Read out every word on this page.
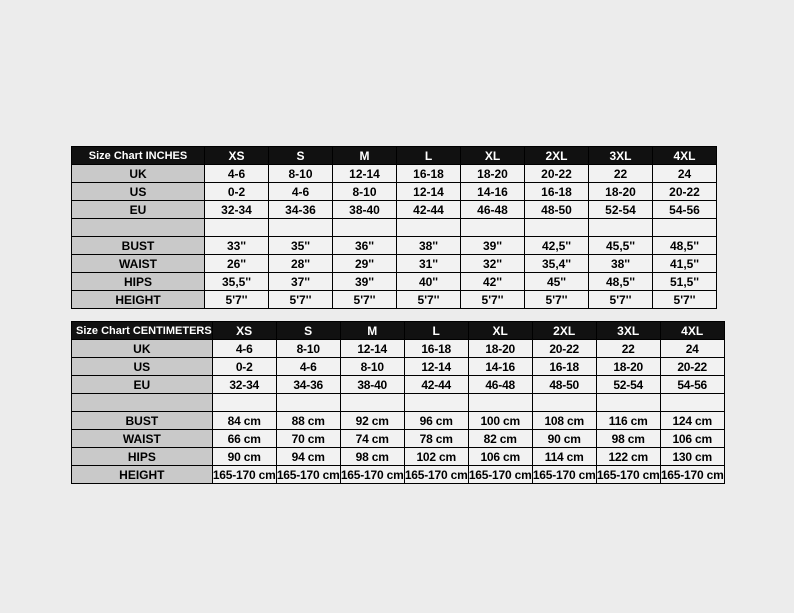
Size Chart INCHES	XS	S	M	L	XL	2XL	3XL	4XL
UK	4-6	8-10	12-14	16-18	18-20	20-22	22	24
US	0-2	4-6	8-10	12-14	14-16	16-18	18-20	20-22
EU	32-34	34-36	38-40	42-44	46-48	48-50	52-54	54-56

BUST	33''	35''	36''	38''	39''	42,5''	45,5''	48,5''
WAIST	26''	28''	29''	31''	32''	35,4''	38''	41,5''
HIPS	35,5''	37''	39''	40''	42''	45''	48,5''	51,5''
HEIGHT	5'7''	5'7''	5'7''	5'7''	5'7''	5'7''	5'7''	5'7''
Size Chart CENTIMETERS	XS	S	M	L	XL	2XL	3XL	4XL
UK	4-6	8-10	12-14	16-18	18-20	20-22	22	24
US	0-2	4-6	8-10	12-14	14-16	16-18	18-20	20-22
EU	32-34	34-36	38-40	42-44	46-48	48-50	52-54	54-56

BUST	84 cm	88 cm	92 cm	96 cm	100 cm	108 cm	116 cm	124 cm
WAIST	66 cm	70 cm	74 cm	78 cm	82 cm	90 cm	98 cm	106 cm
HIPS	90 cm	94 cm	98 cm	102 cm	106 cm	114 cm	122 cm	130 cm
HEIGHT	165-170 cm	165-170 cm	165-170 cm	165-170 cm	165-170 cm	165-170 cm	165-170 cm	165-170 cm
